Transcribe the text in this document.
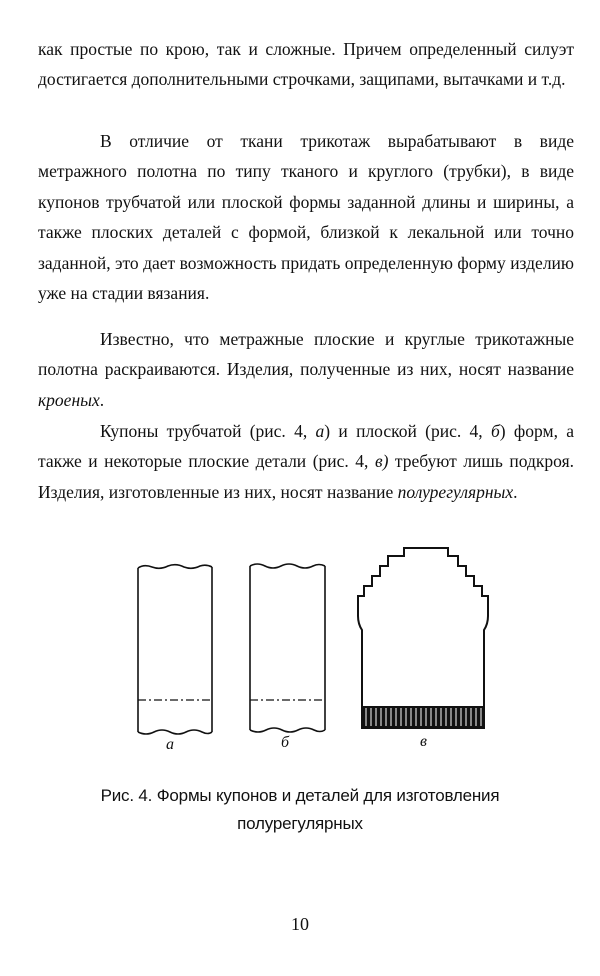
как простые по крою, так и сложные. Причем определенный силуэт достигается дополнительными строчками, защипами, вытачками и т.д.

В отличие от ткани трикотаж вырабатывают в виде метражного полотна по типу тканого и круглого (трубки), в виде купонов трубчатой или плоской формы заданной длины и ширины, а также плоских деталей с формой, близкой к лекальной или точно заданной, это дает возможность придать определенную форму изделию уже на стадии вязания.

Известно, что метражные плоские и круглые трикотажные полотна раскраиваются. Изделия, полученные из них, носят название кроеных.

Купоны трубчатой (рис. 4, а) и плоской (рис. 4, б) форм, а также и некоторые плоские детали (рис. 4, в) требуют лишь подкроя. Изделия, изготовленные из них, носят название полурегулярных.

а	б	в
Рис. 4. Формы купонов и деталей для изготовления
полурегулярных
10
